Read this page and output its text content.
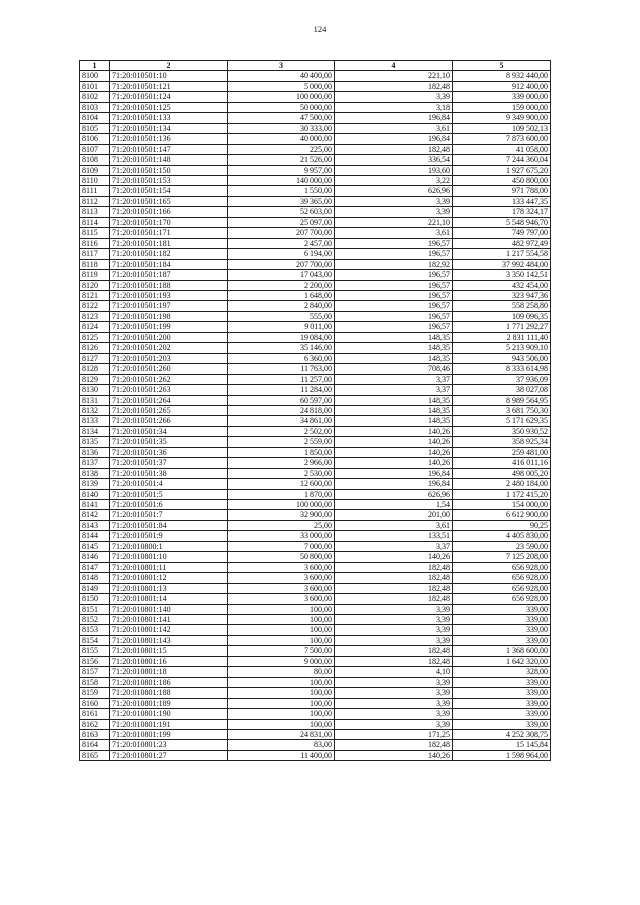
124
1	2	3	4	5
8100	71:20:010501:10	40 400,00	221,10	8 932 440,00
8101	71:20:010501:121	5 000,00	182,48	912 400,00
8102	71:20:010501:124	100 000,00	3,39	339 000,00
8103	71:20:010501:125	50 000,00	3,18	159 000,00
8104	71:20:010501:133	47 500,00	196,84	9 349 900,00
8105	71:20:010501:134	30 333,00	3,61	109 502,13
8106	71:20:010501:136	40 000,00	196,84	7 873 600,00
8107	71:20:010501:147	225,00	182,48	41 058,00
8108	71:20:010501:148	21 526,00	336,54	7 244 360,04
8109	71:20:010501:150	9 957,00	193,60	1 927 675,20
8110	71:20:010501:153	140 000,00	3,22	450 800,00
8111	71:20:010501:154	1 550,00	626,96	971 788,00
8112	71:20:010501:165	39 365,00	3,39	133 447,35
8113	71:20:010501:166	52 603,00	3,39	178 324,17
8114	71:20:010501:170	25 097,00	221,10	5 548 946,70
8115	71:20:010501:171	207 700,00	3,61	749 797,00
8116	71:20:010501:181	2 457,00	196,57	482 972,49
8117	71:20:010501:182	6 194,00	196,57	1 217 554,58
8118	71:20:010501:184	207 700,00	182,92	37 992 484,00
8119	71:20:010501:187	17 043,00	196,57	3 350 142,51
8120	71:20:010501:188	2 200,00	196,57	432 454,00
8121	71:20:010501:193	1 648,00	196,57	323 947,36
8122	71:20:010501:197	2 840,00	196,57	558 258,80
8123	71:20:010501:198	555,00	196,57	109 096,35
8124	71:20:010501:199	9 011,00	196,57	1 771 292,27
8125	71:20:010501:200	19 084,00	148,35	2 831 111,40
8126	71:20:010501:202	35 146,00	148,35	5 213 909,10
8127	71:20:010501:203	6 360,00	148,35	943 506,00
8128	71:20:010501:260	11 763,00	708,46	8 333 614,98
8129	71:20:010501:262	11 257,00	3,37	37 936,09
8130	71:20:010501:263	11 284,00	3,37	38 027,08
8131	71:20:010501:264	60 597,00	148,35	8 989 564,95
8132	71:20:010501:265	24 818,00	148,35	3 681 750,30
8133	71:20:010501:266	34 861,00	148,35	5 171 629,35
8134	71:20:010501:34	2 502,00	140,26	350 930,52
8135	71:20:010501:35	2 559,00	140,26	358 925,34
8136	71:20:010501:36	1 850,00	140,26	259 481,00
8137	71:20:010501:37	2 966,00	140,26	416 011,16
8138	71:20:010501:38	2 530,00	196,84	498 005,20
8139	71:20:010501:4	12 600,00	196,84	2 480 184,00
8140	71:20:010501:5	1 870,00	626,96	1 172 415,20
8141	71:20:010501:6	100 000,00	1,54	154 000,00
8142	71:20:010501:7	32 900,00	201,00	6 612 900,00
8143	71:20:010501:84	25,00	3,61	90,25
8144	71:20:010501:9	33 000,00	133,51	4 405 830,00
8145	71:20:010800:1	7 000,00	3,37	23 590,00
8146	71:20:010801:10	50 800,00	140,26	7 125 208,00
8147	71:20:010801:11	3 600,00	182,48	656 928,00
8148	71:20:010801:12	3 600,00	182,48	656 928,00
8149	71:20:010801:13	3 600,00	182,48	656 928,00
8150	71:20:010801:14	3 600,00	182,48	656 928,00
8151	71:20:010801:140	100,00	3,39	339,00
8152	71:20:010801:141	100,00	3,39	339,00
8153	71:20:010801:142	100,00	3,39	339,00
8154	71:20:010801:143	100,00	3,39	339,00
8155	71:20:010801:15	7 500,00	182,48	1 368 600,00
8156	71:20:010801:16	9 000,00	182,48	1 642 320,00
8157	71:20:010801:18	80,00	4,10	328,00
8158	71:20:010801:186	100,00	3,39	339,00
8159	71:20:010801:188	100,00	3,39	339,00
8160	71:20:010801:189	100,00	3,39	339,00
8161	71:20:010801:190	100,00	3,39	339,00
8162	71:20:010801:191	100,00	3,39	339,00
8163	71:20:010801:199	24 831,00	171,25	4 252 308,75
8164	71:20:010801:23	83,00	182,48	15 145,84
8165	71:20:010801:27	11 400,00	140,26	1 598 964,00
